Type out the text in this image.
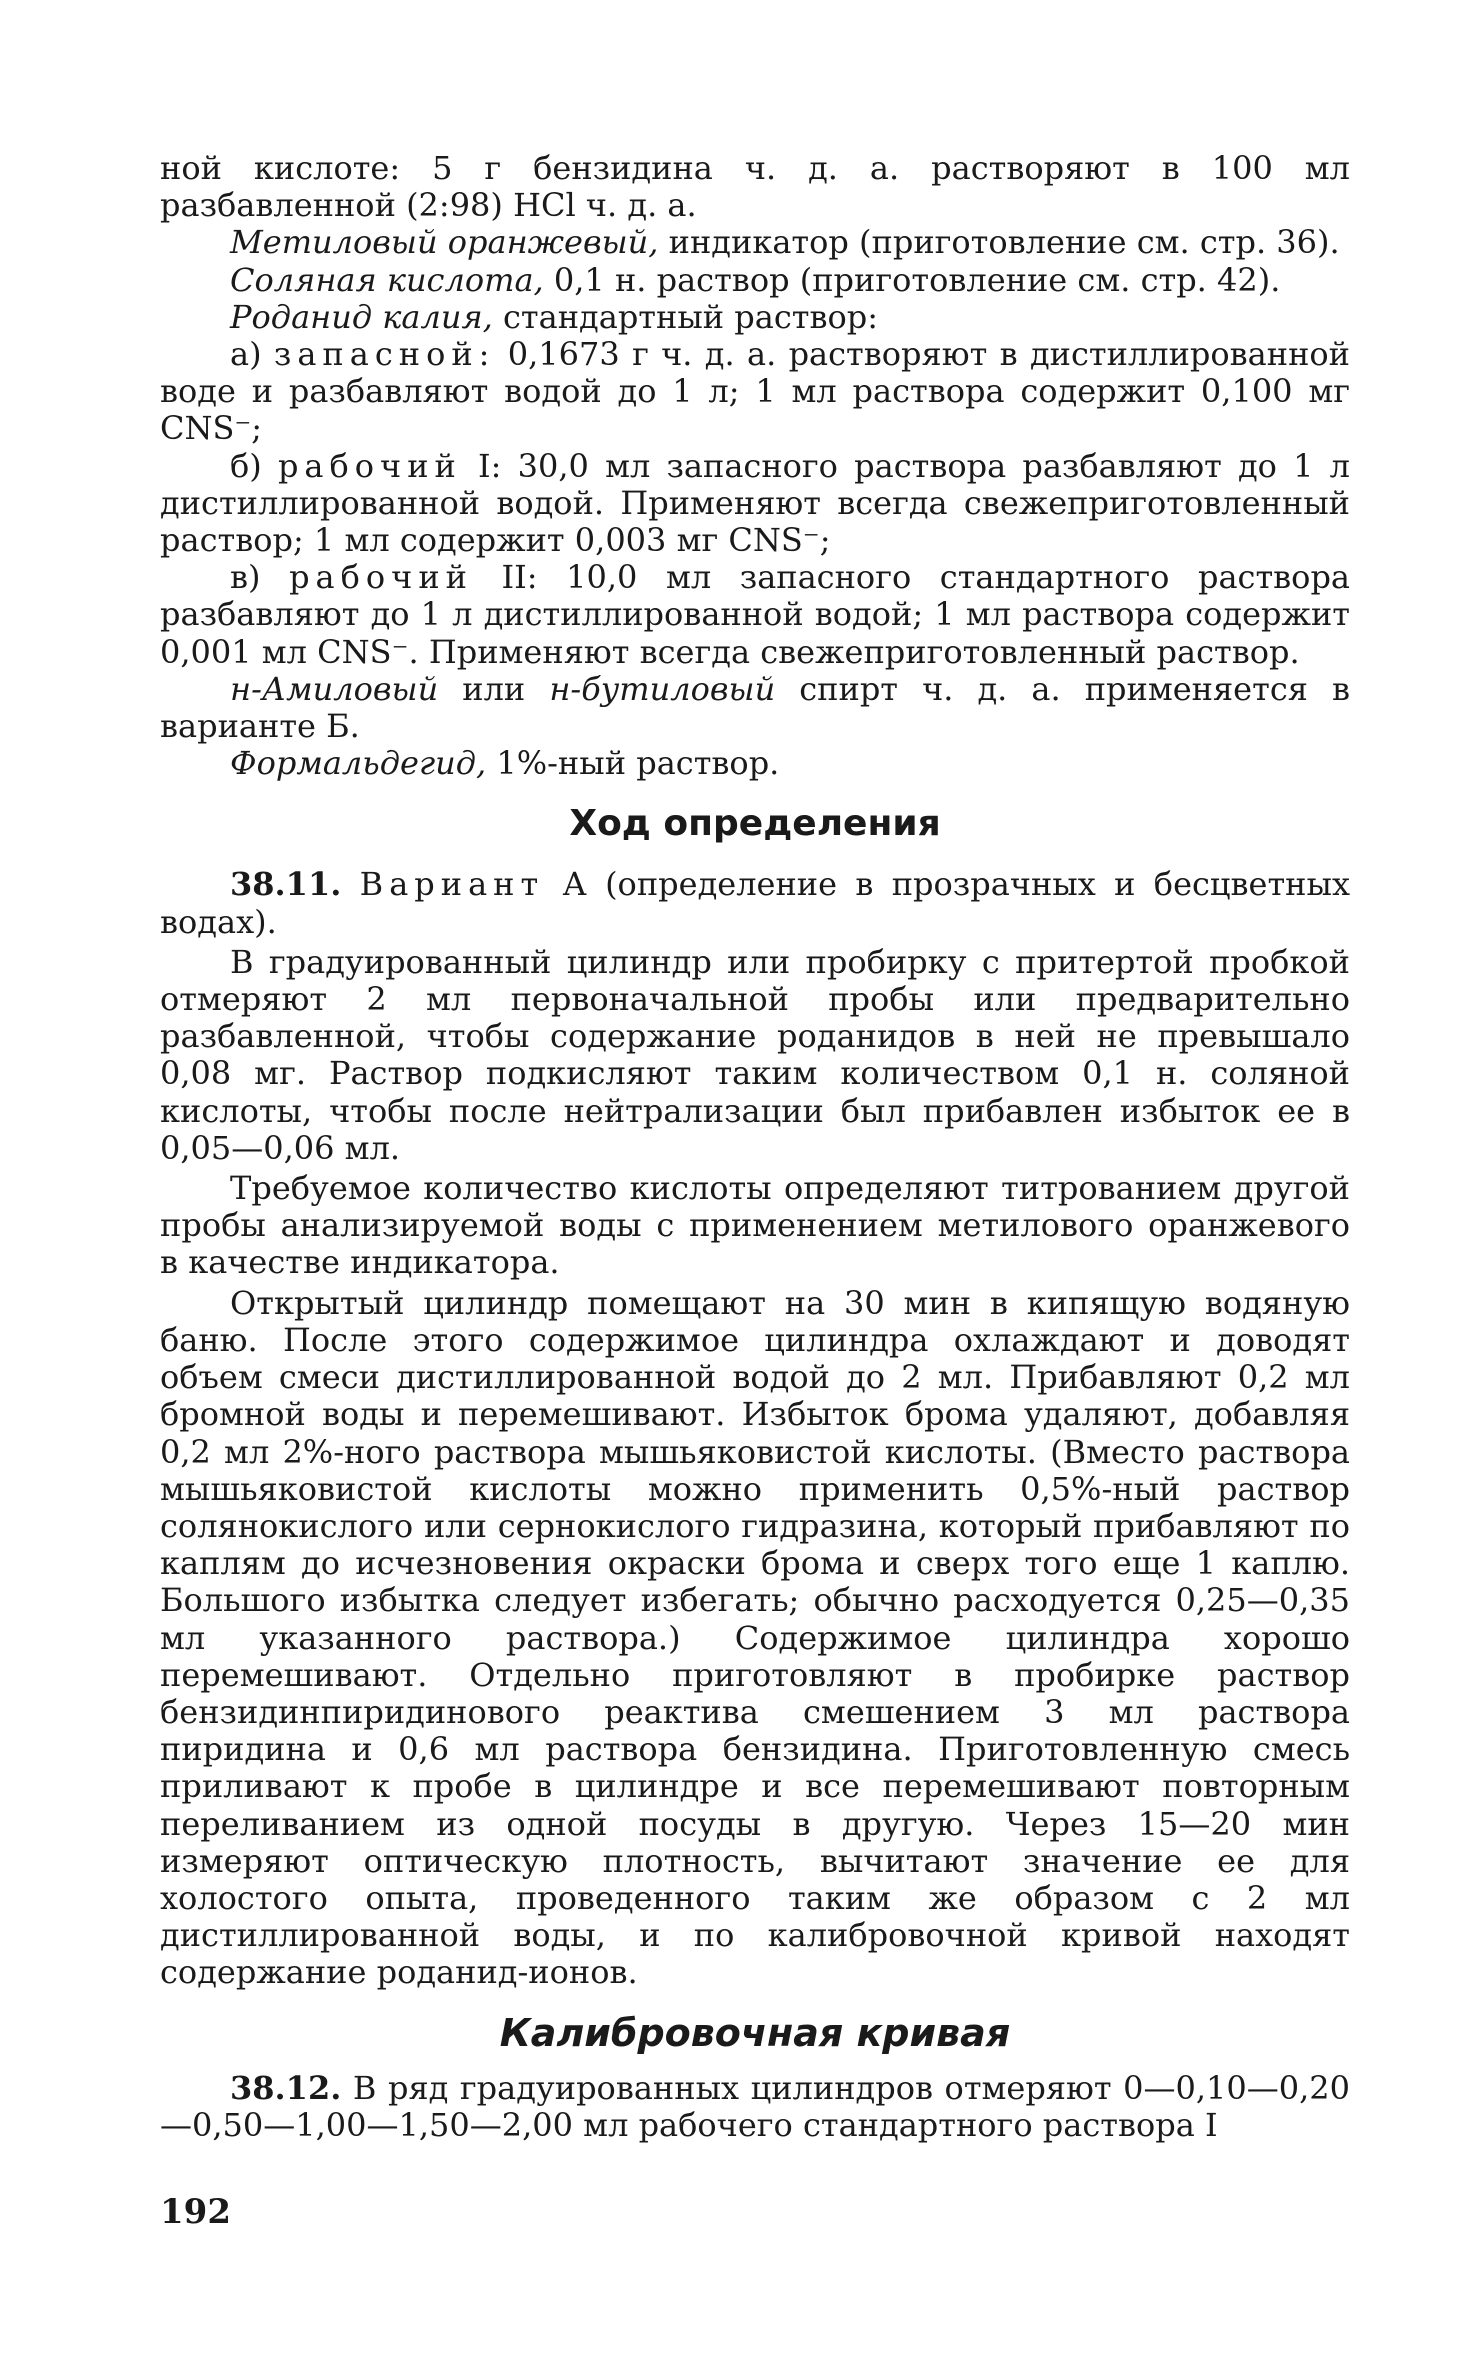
ной кислоте: 5 г бензидина ч. д. а. растворяют в 100 мл разбавленной (2:98) HCl ч. д. а.

Метиловый оранжевый, индикатор (приготовление см. стр. 36).

Соляная кислота, 0,1 н. раствор (приготовление см. стр. 42).

Роданид калия, стандартный раствор:

а) запасной: 0,1673 г ч. д. а. растворяют в дистиллированной воде и разбавляют водой до 1 л; 1 мл раствора содержит 0,100 мг CNS⁻;

б) рабочий I: 30,0 мл запасного раствора разбавляют до 1 л дистиллированной водой. Применяют всегда свежеприготовленный раствор; 1 мл содержит 0,003 мг CNS⁻;

в) рабочий II: 10,0 мл запасного стандартного раствора разбавляют до 1 л дистиллированной водой; 1 мл раствора содержит 0,001 мл CNS⁻. Применяют всегда свежеприготовленный раствор.

н-Амиловый или н-бутиловый спирт ч. д. а. применяется в варианте Б.

Формальдегид, 1%-ный раствор.

Ход определения

38.11. Вариант А (определение в прозрачных и бесцветных водах).

В градуированный цилиндр или пробирку с притертой пробкой отмеряют 2 мл первоначальной пробы или предварительно разбавленной, чтобы содержание роданидов в ней не превышало 0,08 мг. Раствор подкисляют таким количеством 0,1 н. соляной кислоты, чтобы после нейтрализации был прибавлен избыток ее в 0,05—0,06 мл.

Требуемое количество кислоты определяют титрованием другой пробы анализируемой воды с применением метилового оранжевого в качестве индикатора.

Открытый цилиндр помещают на 30 мин в кипящую водяную баню. После этого содержимое цилиндра охлаждают и доводят объем смеси дистиллированной водой до 2 мл. Прибавляют 0,2 мл бромной воды и перемешивают. Избыток брома удаляют, добавляя 0,2 мл 2%-ного раствора мышьяковистой кислоты. (Вместо раствора мышьяковистой кислоты можно применить 0,5%-ный раствор солянокислого или сернокислого гидразина, который прибавляют по каплям до исчезновения окраски брома и сверх того еще 1 каплю. Большого избытка следует избегать; обычно расходуется 0,25—0,35 мл указанного раствора.) Содержимое цилиндра хорошо перемешивают. Отдельно приготовляют в пробирке раствор бензидинпиридинового реактива смешением 3 мл раствора пиридина и 0,6 мл раствора бензидина. Приготовленную смесь приливают к пробе в цилиндре и все перемешивают повторным переливанием из одной посуды в другую. Через 15—20 мин измеряют оптическую плотность, вычитают значение ее для холостого опыта, проведенного таким же образом с 2 мл дистиллированной воды, и по калибровочной кривой находят содержание роданид-ионов.

Калибровочная кривая

38.12. В ряд градуированных цилиндров отмеряют 0—0,10—0,20—0,50—1,00—1,50—2,00 мл рабочего стандартного раствора I

192
